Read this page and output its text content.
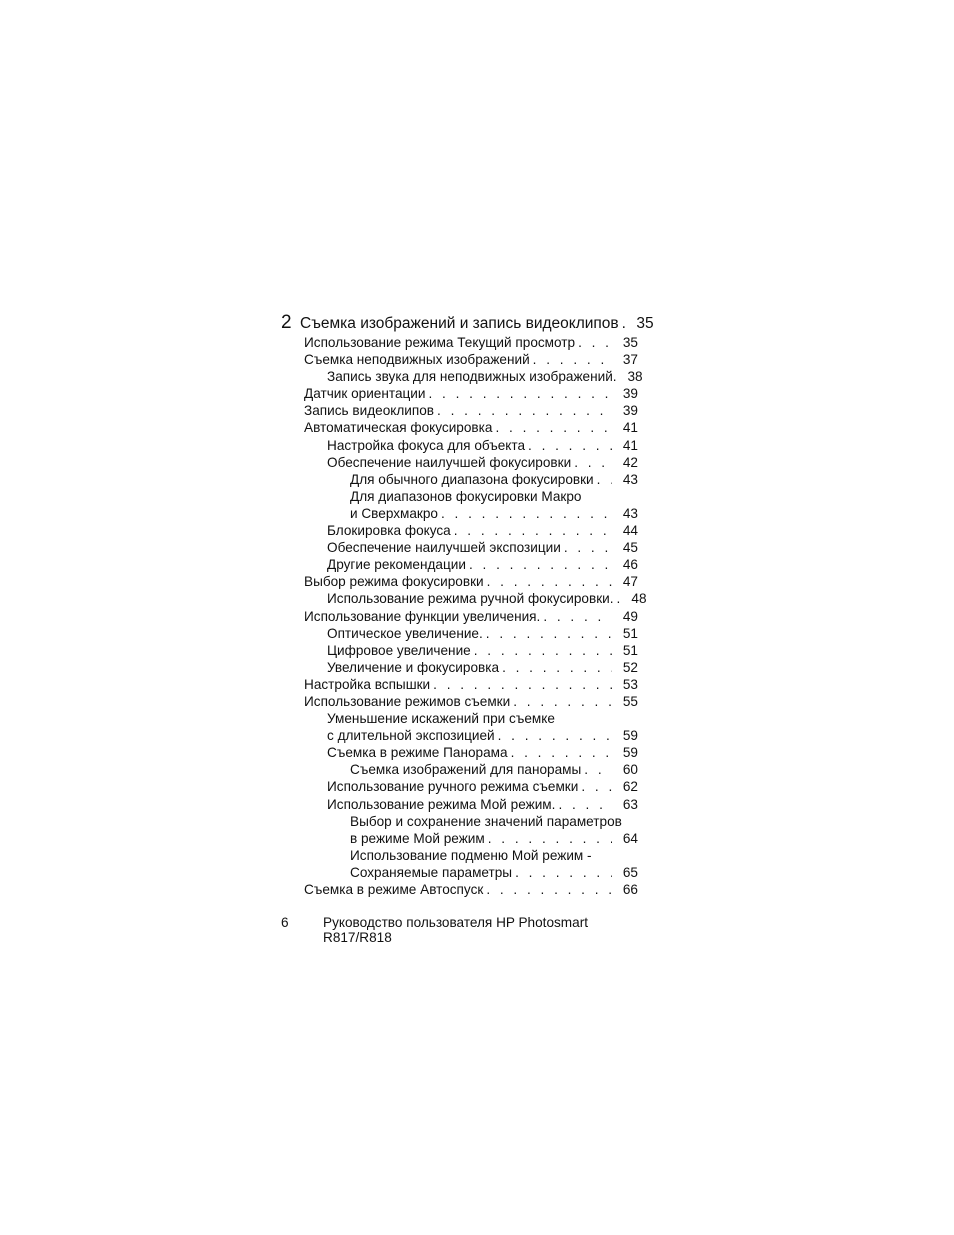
2 Съемка изображений и запись видеоклипов . . .	35
Использование режима Текущий просмотр . . .	35
Съемка неподвижных изображений . . .	37
Запись звука для неподвижных изображений. 38
Датчик ориентации . . .	39
Запись видеоклипов . . .	39
Автоматическая фокусировка . . .	41
Настройка фокуса для объекта . . .	41
Обеспечение наилучшей фокусировки . . .	42
Для обычного диапазона фокусировки . . .	43
Для диапазонов фокусировки Макро
и Сверхмакро . . .	43
Блокировка фокуса . . .	44
Обеспечение наилучшей экспозиции . . .	45
Другие рекомендации . . .	46
Выбор режима фокусировки . . .	47
Использование режима ручной фокусировки. . . .	48
Использование функции увеличения. . . .	49
Оптическое увеличение. . . .	51
Цифровое увеличение . . .	51
Увеличение и фокусировка . . .	52
Настройка вспышки . . .	53
Использование режимов съемки . . .	55
Уменьшение искажений при съемке
с длительной экспозицией . . .	59
Съемка в режиме Панорама . . .	59
Съемка изображений для панорамы . . .	60
Использование ручного режима съемки . . .	62
Использование режима Мой режим. . . .	63
Выбор и сохранение значений параметров
в режиме Мой режим . . .	64
Использование подменю Мой режим -
Сохраняемые параметры . . .	65
Съемка в режиме Автоспуск . . .	66
6	Руководство пользователя HP Photosmart R817/R818
